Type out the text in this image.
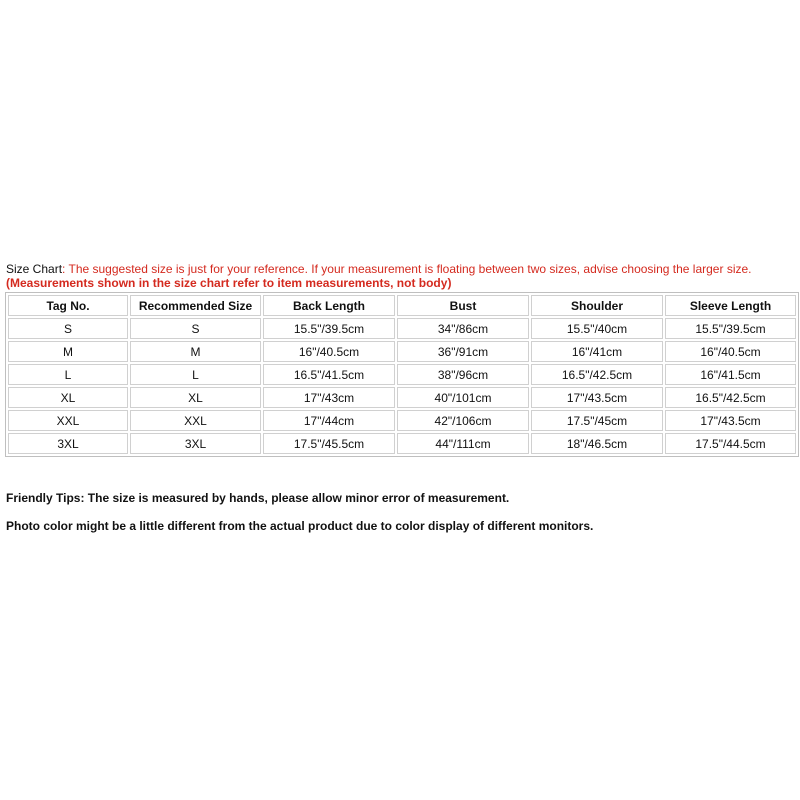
Size Chart: The suggested size is just for your reference. If your measurement is floating between two sizes, advise choosing the larger size.

(Measurements shown in the size chart refer to item measurements, not body)

Tag No.	Recommended Size	Back Length	Bust	Shoulder	Sleeve Length
S	S	15.5"/39.5cm	34"/86cm	15.5"/40cm	15.5"/39.5cm
M	M	16"/40.5cm	36"/91cm	16"/41cm	16"/40.5cm
L	L	16.5"/41.5cm	38"/96cm	16.5"/42.5cm	16"/41.5cm
XL	XL	17"/43cm	40"/101cm	17"/43.5cm	16.5"/42.5cm
XXL	XXL	17"/44cm	42"/106cm	17.5"/45cm	17"/43.5cm
3XL	3XL	17.5"/45.5cm	44"/111cm	18"/46.5cm	17.5"/44.5cm

Friendly Tips: The size is measured by hands, please allow minor error of measurement.

Photo color might be a little different from the actual product due to color display of different monitors.
